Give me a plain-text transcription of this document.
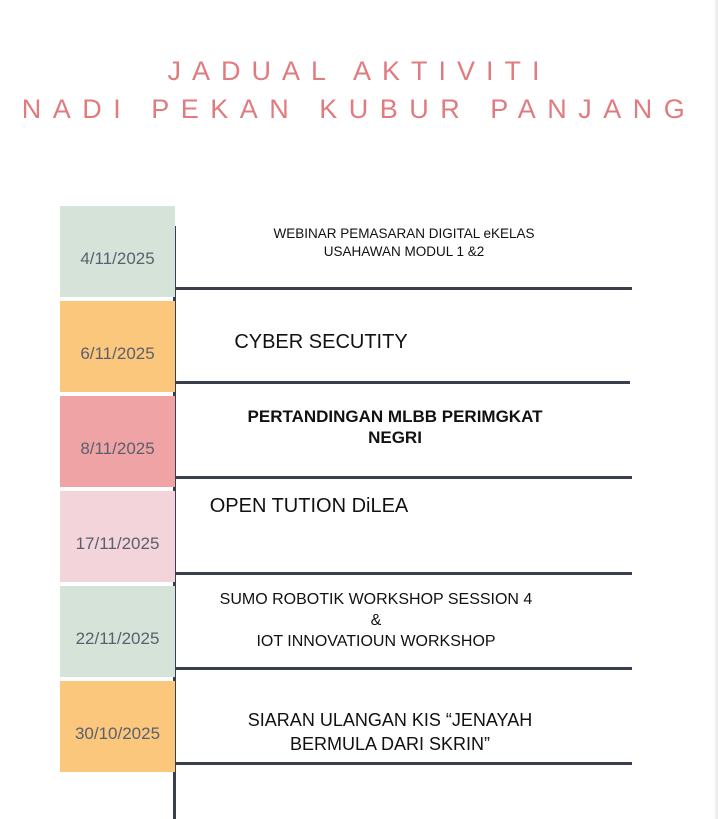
JADUAL AKTIVITI
NADI PEKAN KUBUR PANJANG
4/11/2025
WEBINAR PEMASARAN DIGITAL eKELAS
USAHAWAN MODUL 1 &2
6/11/2025
CYBER SECUTITY
8/11/2025
PERTANDINGAN MLBB PERIMGKAT
NEGRI
17/11/2025
OPEN TUTION DiLEA
22/11/2025
SUMO ROBOTIK WORKSHOP SESSION 4
&
IOT INNOVATIOUN WORKSHOP
30/10/2025
SIARAN ULANGAN KIS “JENAYAH
BERMULA DARI SKRIN”
